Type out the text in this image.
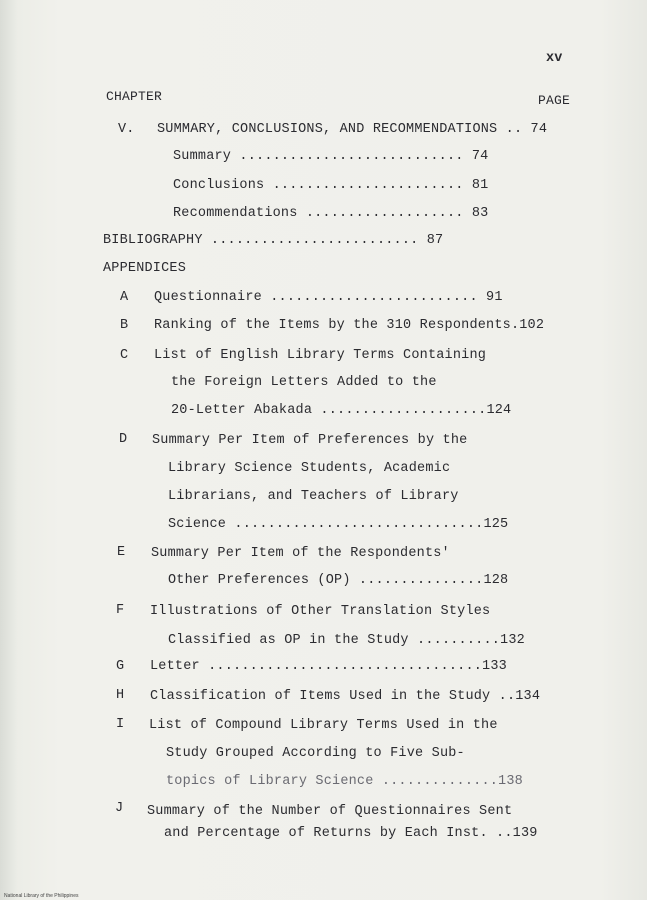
xv
CHAPTER	PAGE
V. SUMMARY, CONCLUSIONS, AND RECOMMENDATIONS .. 74
Summary ........................... 74
Conclusions ....................... 81
Recommendations ................... 83
BIBLIOGRAPHY ......................... 87
APPENDICES
A Questionnaire ......................... 91
B Ranking of the Items by the 310 Respondents.102
C List of English Library Terms Containing
the Foreign Letters Added to the
20-Letter Abakada ....................124
D Summary Per Item of Preferences by the
Library Science Students, Academic
Librarians, and Teachers of Library
Science ..............................125
E Summary Per Item of the Respondents'
Other Preferences (OP) ...............128
F Illustrations of Other Translation Styles
Classified as OP in the Study ..........132
G Letter .................................133
H Classification of Items Used in the Study ..134
I List of Compound Library Terms Used in the
Study Grouped According to Five Sub-
topics of Library Science ..............138
J Summary of the Number of Questionnaires Sent
and Percentage of Returns by Each Inst. ..139
National Library of the Philippines
